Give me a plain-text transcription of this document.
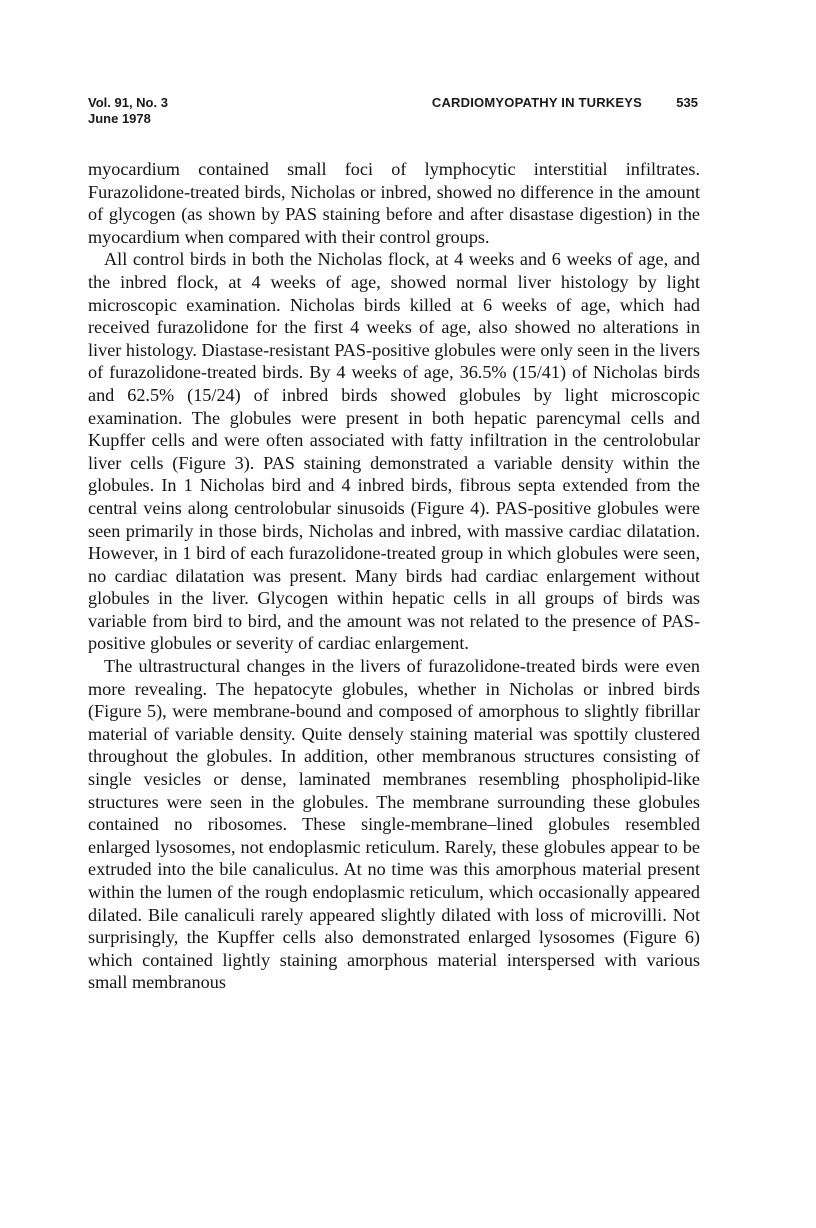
Vol. 91, No. 3
June 1978
CARDIOMYOPATHY IN TURKEYS	535

myocardium contained small foci of lymphocytic interstitial infiltrates. Furazolidone-treated birds, Nicholas or inbred, showed no difference in the amount of glycogen (as shown by PAS staining before and after disastase digestion) in the myocardium when compared with their control groups.

All control birds in both the Nicholas flock, at 4 weeks and 6 weeks of age, and the inbred flock, at 4 weeks of age, showed normal liver histology by light microscopic examination. Nicholas birds killed at 6 weeks of age, which had received furazolidone for the first 4 weeks of age, also showed no alterations in liver histology. Diastase-resistant PAS-positive globules were only seen in the livers of furazolidone-treated birds. By 4 weeks of age, 36.5% (15/41) of Nicholas birds and 62.5% (15/24) of inbred birds showed globules by light microscopic examination. The globules were present in both hepatic parencymal cells and Kupffer cells and were often associated with fatty infiltration in the centrolobular liver cells (Figure 3). PAS staining demonstrated a variable density within the globules. In 1 Nicholas bird and 4 inbred birds, fibrous septa extended from the central veins along centrolobular sinusoids (Figure 4). PAS-positive globules were seen primarily in those birds, Nicholas and inbred, with massive cardiac dilatation. However, in 1 bird of each furazolidone-treated group in which globules were seen, no cardiac dilatation was present. Many birds had cardiac enlargement without globules in the liver. Glycogen within hepatic cells in all groups of birds was variable from bird to bird, and the amount was not related to the presence of PAS-positive globules or severity of cardiac enlargement.

The ultrastructural changes in the livers of furazolidone-treated birds were even more revealing. The hepatocyte globules, whether in Nicholas or inbred birds (Figure 5), were membrane-bound and composed of amorphous to slightly fibrillar material of variable density. Quite densely staining material was spottily clustered throughout the globules. In addition, other membranous structures consisting of single vesicles or dense, laminated membranes resembling phospholipid-like structures were seen in the globules. The membrane surrounding these globules contained no ribosomes. These single-membrane–lined globules resembled enlarged lysosomes, not endoplasmic reticulum. Rarely, these globules appear to be extruded into the bile canaliculus. At no time was this amorphous material present within the lumen of the rough endoplasmic reticulum, which occasionally appeared dilated. Bile canaliculi rarely appeared slightly dilated with loss of microvilli. Not surprisingly, the Kupffer cells also demonstrated enlarged lysosomes (Figure 6) which contained lightly staining amorphous material interspersed with various small membranous
